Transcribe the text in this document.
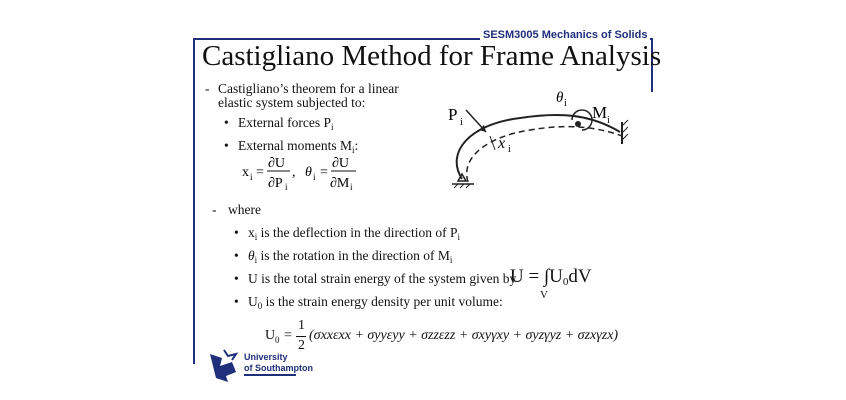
SESM3005 Mechanics of Solids
Castigliano Method for Frame Analysis
- Castigliano’s theorem for a linear
elastic system subjected to:
• External forces $P_i$
• External moments $M_i$:
x i =
∂U
∂P i
, θ i =
∂U
∂M i
P i
x i
θ i M i
- where
• $x_i$ is the deflection in the direction of $P_i$
• $\theta_i$ is the rotation in the direction of $M_i$
• U is the total strain energy of the system given by
$U = \int U_0dV$
V
• $U_0$ is the strain energy density per unit volume:
U 0 =
1
2
(σxxεxx + σyyεyy + σzzεzz + σxyγxy + σyzγyz + σzxγzx)
University
of Southampton
